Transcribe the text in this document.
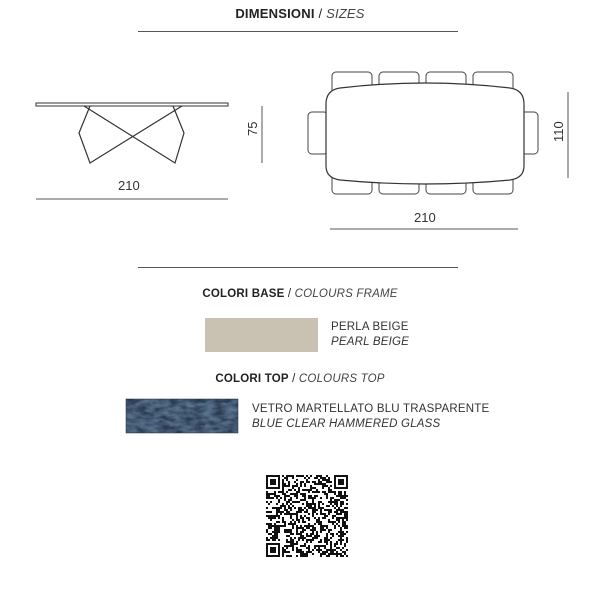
DIMENSIONI / SIZES
210
75
210
110
COLORI BASE / COLOURS FRAME
PERLA BEIGE
PEARL BEIGE
COLORI TOP / COLOURS TOP
VETRO MARTELLATO BLU TRASPARENTE
BLUE CLEAR HAMMERED GLASS
